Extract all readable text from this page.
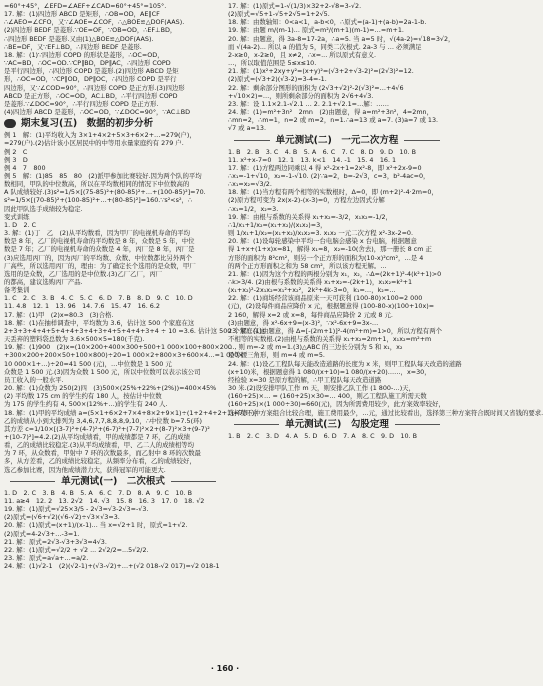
=60°+45°，∠EFD=∠AEF+∠CAD=60°+45°=105°.
17. 解：(1)四边形 ABCD 是矩形，∴OB=OD，AE∥CF
∴∠AEO=∠CFO，又∵∠AOE=∠COF，∴△BOE≌△DOF(AAS).
(2)四边形 BEDF 是菱形.∵OE=OF，∵OB=OD，∴EF⊥BD，
∴四边形 BEDF 是菱形.又由(1)△BOE≌△DOF(AAS).
∴BE=DF，又∵EF⊥BD，∴四边形 BEDF 是菱形.
18. 解：(1)∵四边形 COPD 的形状是菱形，∴OC=OD，
∵AC=BD，∴OC=OD.∵CP∥BD，DP∥AC，∴四边形 COPD
是平行四边形，∴四边形 COPD 是菱形.(2)四边形 ABCD 是矩
形，∴OC=OD，∵CP∥OD，DP∥OC，∴四边形 COPD 是平行
四边形，又∵∠COD=90°，∴四边形 COPD 是正方形.(3)四边形
ABCD 是正方形，∴OC=OD，AC⊥BD，∴平行四边形 COPD
是菱形.∵∠DOC=90°，∴平行四边形 COPD 是正方形.
(4)四边形 ABCD 是菱形，∴OC=OD，∵∠DOC=90°，∵AC⊥BD
期末复习(五)　数据的初步分析
例 1　解：(1)平均收入为 3×1+4×2+5×3+6×2+…=279(户)，
=279(户).(2)估计该小区居民中的中等用水量家庭约有 279 户.
例 2　C
例 3　D
例 4　7　800
例 5　解：(1)85　85　80　(2)派甲参加比赛较好.因为两个队的平均
数相同，甲队的中位数高，所以在平均数相同的情况下中位数高的
A 队成绩较好.(3)s²=1/5×[(75-85)²+(80-85)²+…+(100-85)²]=70.
s²=1/5×[(70-85)²+(100-85)²+…+(80-85)²]=160.∵s²<s²，∴
因此甲队选手成绩较为稳定.
变式训练
1. D　2. C
3. 解：(1)丁　乙　(2)从平均数看，因为甲厂的电视机寿命的平均
数是 8 年，乙厂的电视机寿命的平均数是 8 年，众数是 5 年，中位
数是 7 年；乙厂的电视机寿命的众数是 4 年，丙厂是 8 年，丙厂是
(3)应选用丙厂的，因为丙厂的平均数、众数、中位数都比另外两个
厂高些，所以选用丙厂的，理由：为了确定长个选用的是众数，甲厂
选用的是众数，乙厂选用的是中位数.(3)乙厂乙厂，丙厂
的都高，建议选购丙厂产品.
备考集训
1. C　2. C　3. B　4. C　5. C　6. D　7. B　8. D　9. C　10. D
11. 4.8　12. 1　13. 96　14. 7.6　15. 47　16. 6.2
17. 解：(1)甲　(2)x=80.3　(3)合格.
18. 解：(1)在抽样调查中，平均数为 3.6，估计这 500 个家庭在这
2+3+3+4+4+5+4+4+3+4+3+4+5+4+4+3+4 ÷ 10 =3.6. 估计这 500 个家庭在这
天丢弃的塑料袋总数为 3.6×500×5=180(千克).
19. 解：(1)900　(2)x=(10×200+400×300+500+1 000×100+800×200
+300×200+200×50+100×800)÷20=1 000×2+800×3+600×4…=1 000×
10 000×1+…)÷20=41 500 (元)，…中位数是 1 500 元
众数是 1 500 元.(3)因为众数 1 500 元，所以中位数可以表示该公司
员工收入的一般水平.
20. 解：(1)众数为 250(2)四　(3)500×(25%+22%+(2%))=400×45%
(2) 平均数 175 cm 的学生约有 180 人，按估计中位数
为 175 的学生约有 4, 500×(12%+…)的学生有 240 人.
18. 解：(1)甲的平均成绩 a=(5×1+6×2+7×4+8×2+9×1)÷(1+2+4+2+1)=7(环)，
乙的成绩从小到大排列为 3,4,6,7,7,8,8,8,9,10，∴中位数 b=7.5(环)
其方差 c=1/10×[(3-7)²+(4-7)²+(6-7)²+(7-7)²×2+(8-7)²×3+(9-7)²
+(10-7)²]=4.2.(2)从平均成绩看，甲的成绩都是 7 环，乙的成绩
看，乙的成绩比较稳定.(3)从平均成绩看，甲、乙二人的成绩相等均
为 7 环，从众数看，甲射中 7 环的次数最多，而乙射中 8 环的次数最
多，从方差看，乙的成绩比较稳定，从频率分布看，乙的成绩较好，
选乙参加比赛，因为他成绩潜力大，获得冠军的可能更大.
单元测试(一)　二次根式
1. D　2. C　3. B　4. B　5. A　6. C　7. D　8. A　9. C　10. B
11. a≥4　12. 2　13. 2√2　14. √3　15. 8　16. 3　17. 0　18. √2
19. 解：(1)原式=√25×3/5 - 2√3=√3-2√3=-√3.
(2)原式=(√6+√2)(√6-√2)÷√3×√3=3.
20. 解：(1)原式=(x+1)/(x-1)... 当 x=√2+1 时，原式=1+√2.
(2)原式=4-2√3+…-3=1.
21. 解：原式=2√3-√3+3√3=4√3.
22. 解：(1)原式=√2/2 + √2 ... 2√2/2=...5√2/2.
23. 解：原式=a√a+…=a/2.
24. 解：(1)√2-1　(2)(√2-1)+(√3-√2)+…+(√2 018-√2 017)=√2 018-1
17. 解：(1)原式=1-√(1/3)×32+2-√8=3-√2.
(2)原式=√5+1-√5+2√5=1+2√5.
18. 解：由数轴知：0<a<1，a-b<0，∴原式=(a-1)+(a-b)=2a-1-b.
19. 解：由题 m/(m-1)... 原式=m²/(m+1)(m-1)=…=m+1.
20. 解：由题意，得 3a-8=17-2a，∴a=5. 当 a=5 时，√(4a-2)=√18=3√2，
而 √(4a-2)... 所以 a 的值为 5，同类二次根式. 2a-3 与 … 必须满足
2-x≥0，x-2≥0，且 x≠2，∴x=... 所以原式有意义.
…，所以取值范围是 5≤x≤10.
21. 解：(1)x²+2xy+y²=(x+y)²=(√3+2+√3-2)²=(2√3)²=12.
(2)原式=(√3+2)(√3-2)=3-4=-1.
22. 解：剩余部分图形的面积为 (2√3+√2)²-2(√3)²=…+4√6
+√10×2)=…，则所剩余部分的面积为 2√6+4√3.
23. 解：设 1.1×2.1-√2.1 ... 2. 2.1+√2.1=…解：……
24. 解：(1)=m²+3n²　2mn　(2)由题意，得 a=m²+3n²，4=2mn，
∴mn=2，∴m=1，n=2 或 m=2，n=1.∴a=13 或 a=7. (3)a=7 或 13.
√7 或 a=13.
单元测试(二)　一元二次方程
1. B　2. B　3. C　4. B　5. A　6. C　7. C　8. D　9. D　10. B
11. x²+x-7=0　12. 1　13. k<1　14. -1　15. 4　16. 1
17. 解：(1)方程两边同乘以 4 得 x²-2x+1=2x²-8，即 x²+2x-9=0
∴x₁=-1+√10，x₂=-1-√10. (2)∵a=2，b=-2√3，c=3，b²-4ac=0，
∴x₁=x₂=√3/2.
18. 解：(1)当方程有两个相等的实数根时，Δ=0，即 (m+2)²-4·2m=0，
(2)原方程可变为 2x(x-2)-(x-3)=0，方程左边因式分解
∴x₁=1/2，x₂=3.
19. 解：由根与系数的关系得 x₁+x₂=-3/2，x₁x₂=-1/2，
∴1/x₁+1/x₂=(x₁+x₂)/(x₁x₂)=3，
则 1/x₁+1/x₂=(x₁+x₂)/x₁x₂=3. x₁x₂ 一元二次方程 x²-3x-2=0.
20. 解：(1)设每轮感染中平均一台电脑会感染 x 台电脑，根据题意
得 1+x+(1+x)x=81，解得 x₁=8，x₂=-10(舍去)，那一册长 8 cm 正
方形的面积为 8²cm²，则另一个正方形的面积为(10-x)²cm²，…是 4
的两个正方形面积之和为 58 cm²，所以该方程无解。…
21. 解：(1)因为这个方程的两根分别为 x₁，x₂，∴Δ=(2k+1)²-4(k²+1)>0
∴k>3/4. (2)由根与系数的关系得 x₁+x₂=-(2k+1)，x₁x₂=k²+1
(x₁+x₂)²-2x₁x₂=x₁²+x₂²，2k²+4k-3=0，k₁=…，k₂=…
22. 解：(1)商场经营该商品原来一天可获利 (100-80)×100=2 000
(元)，(2)设每件商品应降价 x 元，根据题意得 (100-80-x)(100+10x)=
2 160，解得 x=2 或 x=8，每件商品应降价 2 元或 8 元.
(3)由题意，得 x²-6x+9=(x-3)²，∵x²-6x+9=3x-…
23. 解：(1)由题意，得 Δ=[-(2m+1)]²-4(m²+m)=1>0，所以方程有两个
不相等的实数根.(2)由根与系数的关系得 x₁+x₂=2m+1，x₁x₂=m²+m
…, 则 m=-2 或 m=1.(3)△ABC 的三边长分别为 5 和 x₁，x₂
是等腰三角形，则 m=4 或 m=5.
24. 解：(1)设乙工程队每天能改造道路的长度为 x 米，则甲工程队每天改造的道路
(x+10)米，根据题意得 1 080/(x+10)=1 080/(x+20)……，x=30，
经检验 x=30 是原方程的解，∴甲工程队每天改造道路
30 米.(2)设安排甲队工作 m 天，则安排乙队工作 (1 800-…)天，
(160+25)×… = (160+25)×30=… 400，则乙工程队施工所需天数
(160+25)×(1 000÷30)=660(元)，因为所需费用较少，此方案效率较好，
选择第三种方案组合比较合理，施工费用最少，…元，通过比较看出，选择第三种方案符合既时间又省钱的要求.
单元测试(三)　勾股定理
1. B　2. C　3. D　4. A　5. D　6. D　7. A　8. C　9. D　10. B
· 160 ·
